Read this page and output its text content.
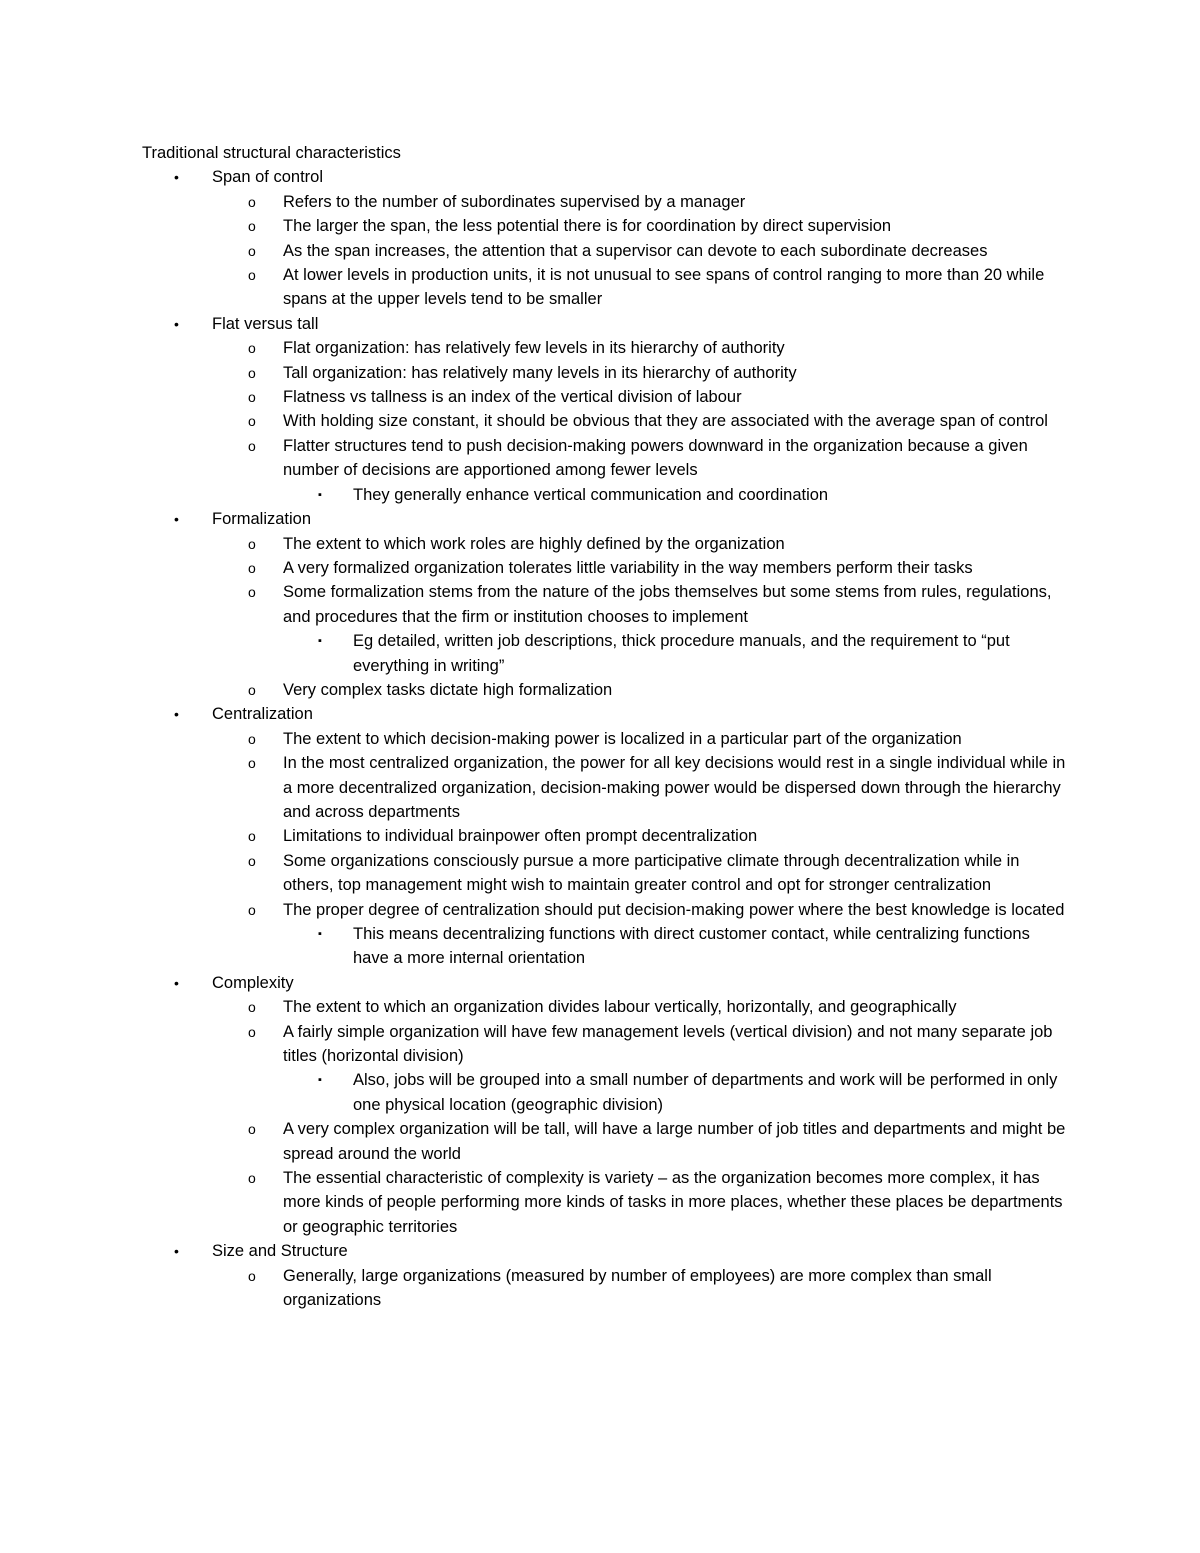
Traditional structural characteristics

• Span of control
o Refers to the number of subordinates supervised by a manager
o The larger the span, the less potential there is for coordination by direct supervision
o As the span increases, the attention that a supervisor can devote to each subordinate decreases
o At lower levels in production units, it is not unusual to see spans of control ranging to more than 20 while spans at the upper levels tend to be smaller
• Flat versus tall
o Flat organization: has relatively few levels in its hierarchy of authority
o Tall organization: has relatively many levels in its hierarchy of authority
o Flatness vs tallness is an index of the vertical division of labour
o With holding size constant, it should be obvious that they are associated with the average span of control
o Flatter structures tend to push decision-making powers downward in the organization because a given number of decisions are apportioned among fewer levels
▪ They generally enhance vertical communication and coordination
• Formalization
o The extent to which work roles are highly defined by the organization
o A very formalized organization tolerates little variability in the way members perform their tasks
o Some formalization stems from the nature of the jobs themselves but some stems from rules, regulations, and procedures that the firm or institution chooses to implement
▪ Eg detailed, written job descriptions, thick procedure manuals, and the requirement to “put everything in writing”
o Very complex tasks dictate high formalization
• Centralization
o The extent to which decision-making power is localized in a particular part of the organization
o In the most centralized organization, the power for all key decisions would rest in a single individual while in a more decentralized organization, decision-making power would be dispersed down through the hierarchy and across departments
o Limitations to individual brainpower often prompt decentralization
o Some organizations consciously pursue a more participative climate through decentralization while in others, top management might wish to maintain greater control and opt for stronger centralization
o The proper degree of centralization should put decision-making power where the best knowledge is located
▪ This means decentralizing functions with direct customer contact, while centralizing functions have a more internal orientation
• Complexity
o The extent to which an organization divides labour vertically, horizontally, and geographically
o A fairly simple organization will have few management levels (vertical division) and not many separate job titles (horizontal division)
▪ Also, jobs will be grouped into a small number of departments and work will be performed in only one physical location (geographic division)
o A very complex organization will be tall, will have a large number of job titles and departments and might be spread around the world
o The essential characteristic of complexity is variety – as the organization becomes more complex, it has more kinds of people performing more kinds of tasks in more places, whether these places be departments or geographic territories
• Size and Structure
o Generally, large organizations (measured by number of employees) are more complex than small organizations
